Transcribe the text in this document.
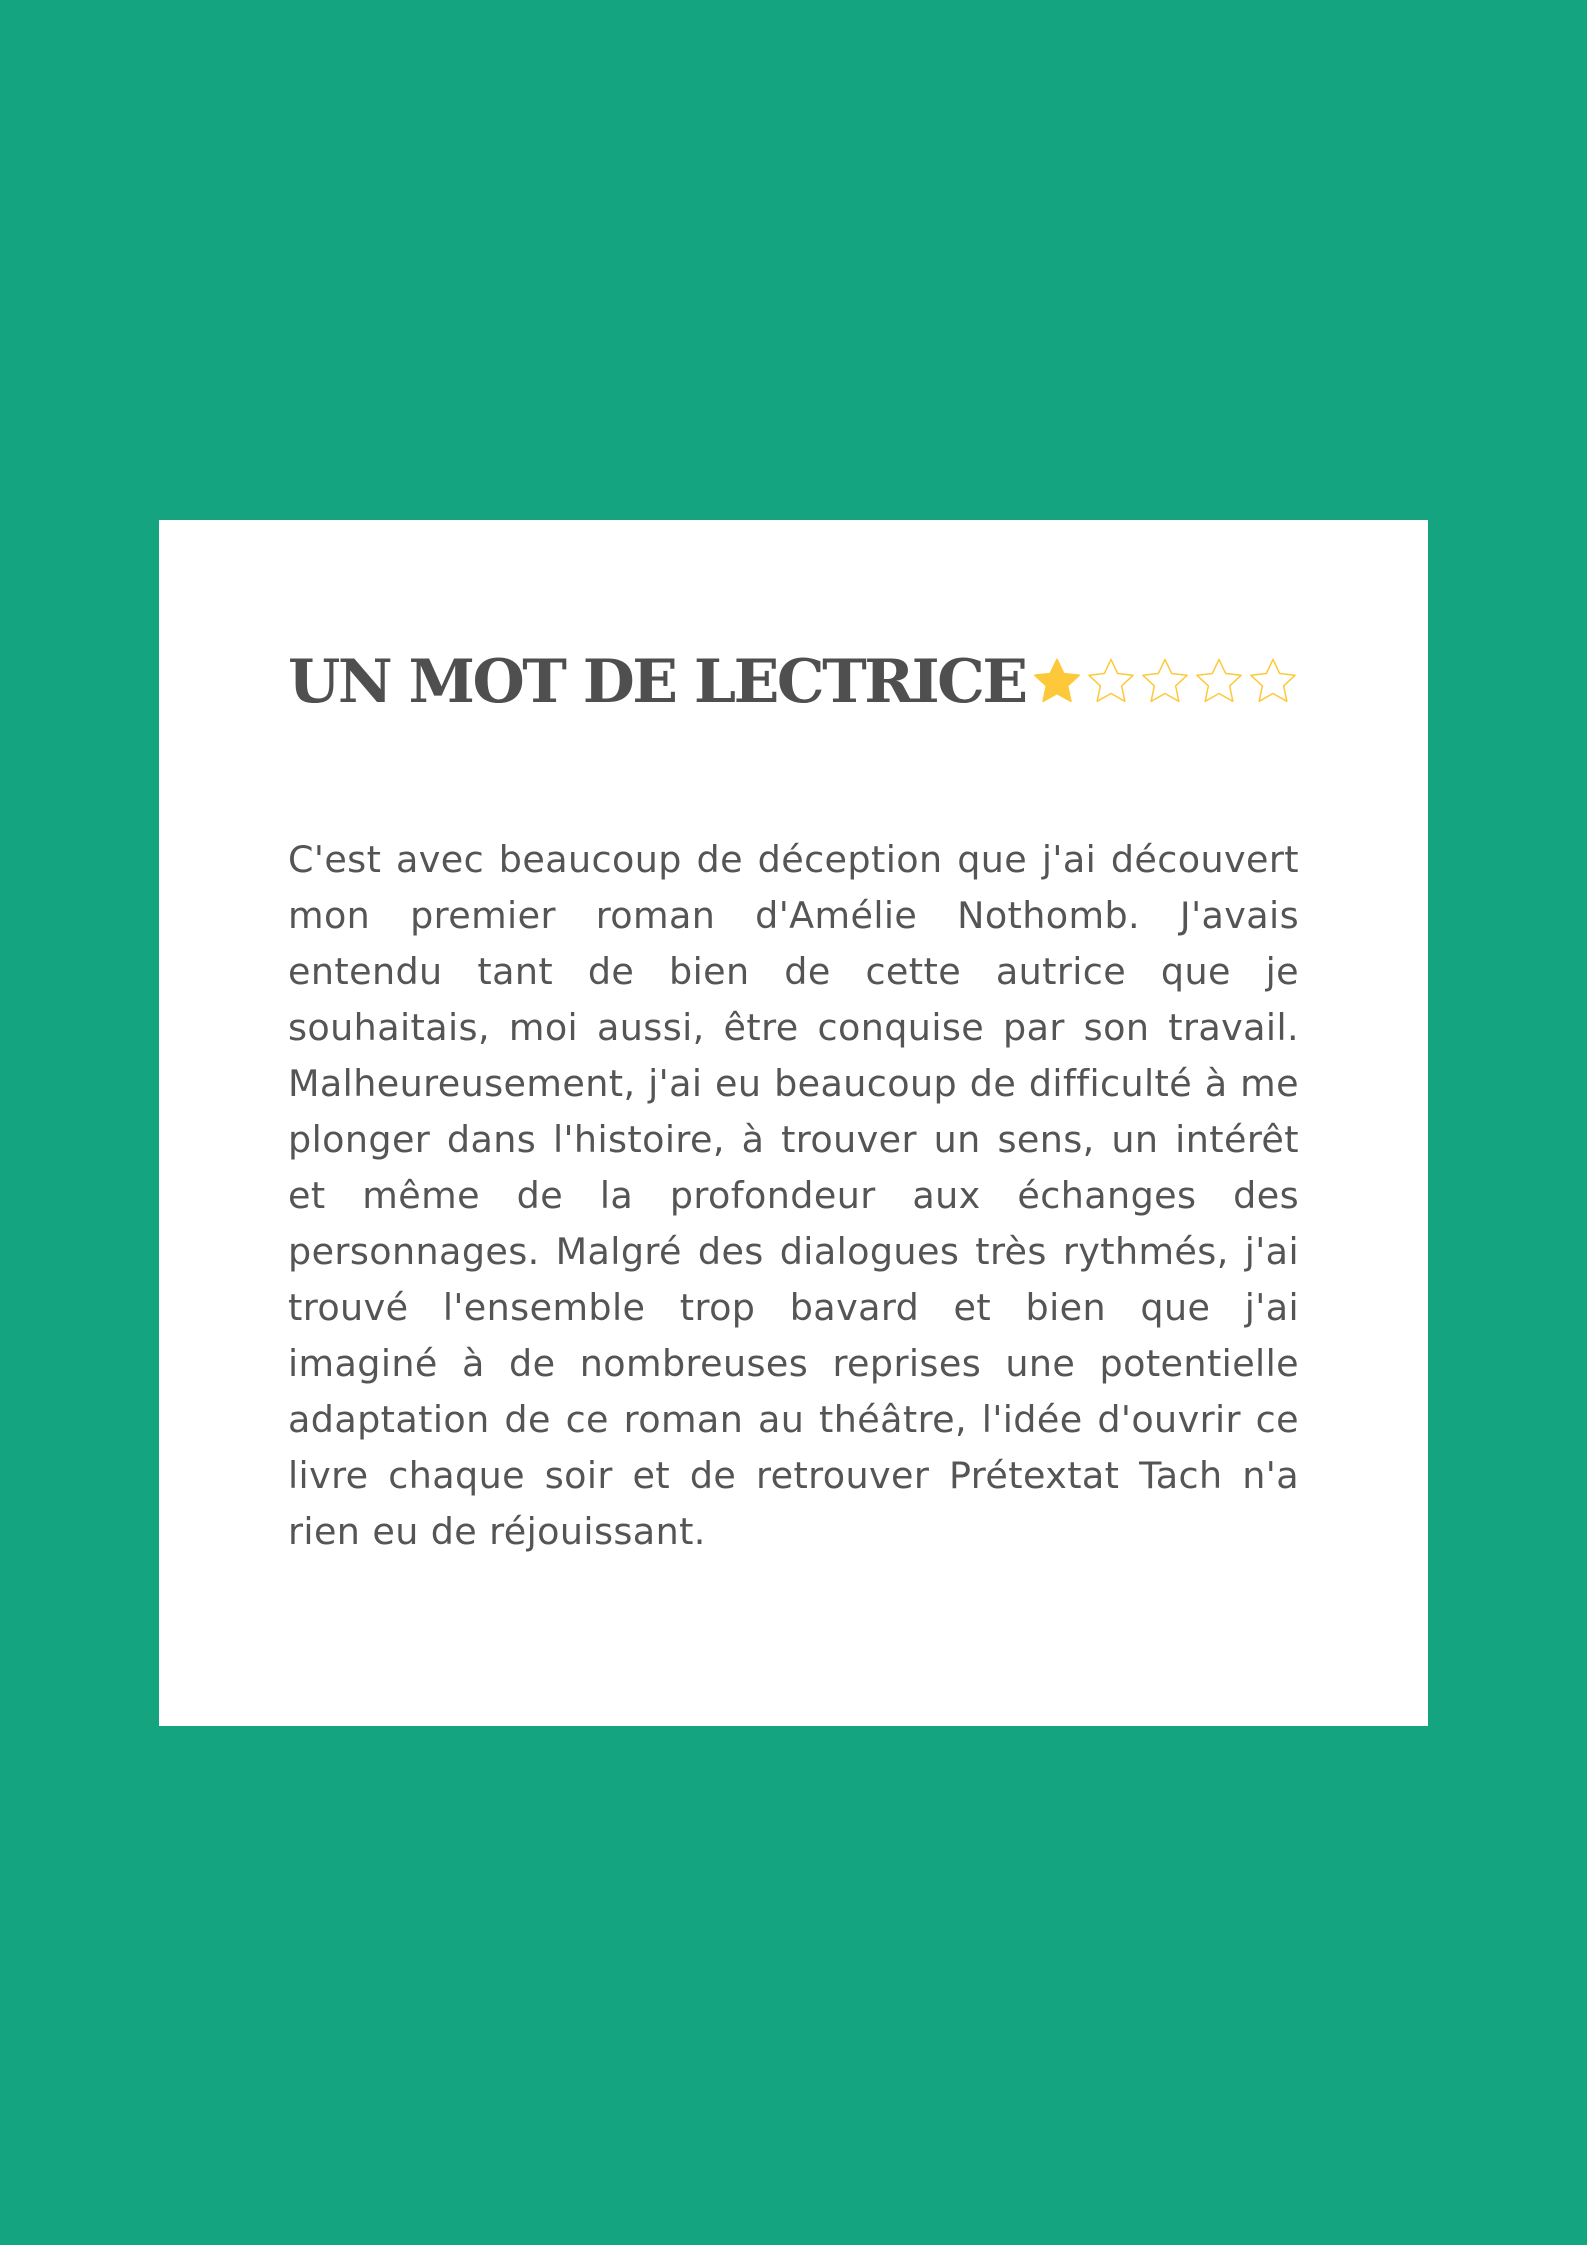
UN MOT DE LECTRICE

C'est avec beaucoup de déception que j'ai découvert mon premier roman d'Amélie Nothomb. J'avais entendu tant de bien de cette autrice que je souhaitais, moi aussi, être conquise par son travail. Malheureusement, j'ai eu beaucoup de difficulté à me plonger dans l'histoire, à trouver un sens, un intérêt et même de la profondeur aux échanges des personnages. Malgré des dialogues très rythmés, j'ai trouvé l'ensemble trop bavard et bien que j'ai imaginé à de nombreuses reprises une potentielle adaptation de ce roman au théâtre, l'idée d'ouvrir ce livre chaque soir et de retrouver Prétextat Tach n'a rien eu de réjouissant.
